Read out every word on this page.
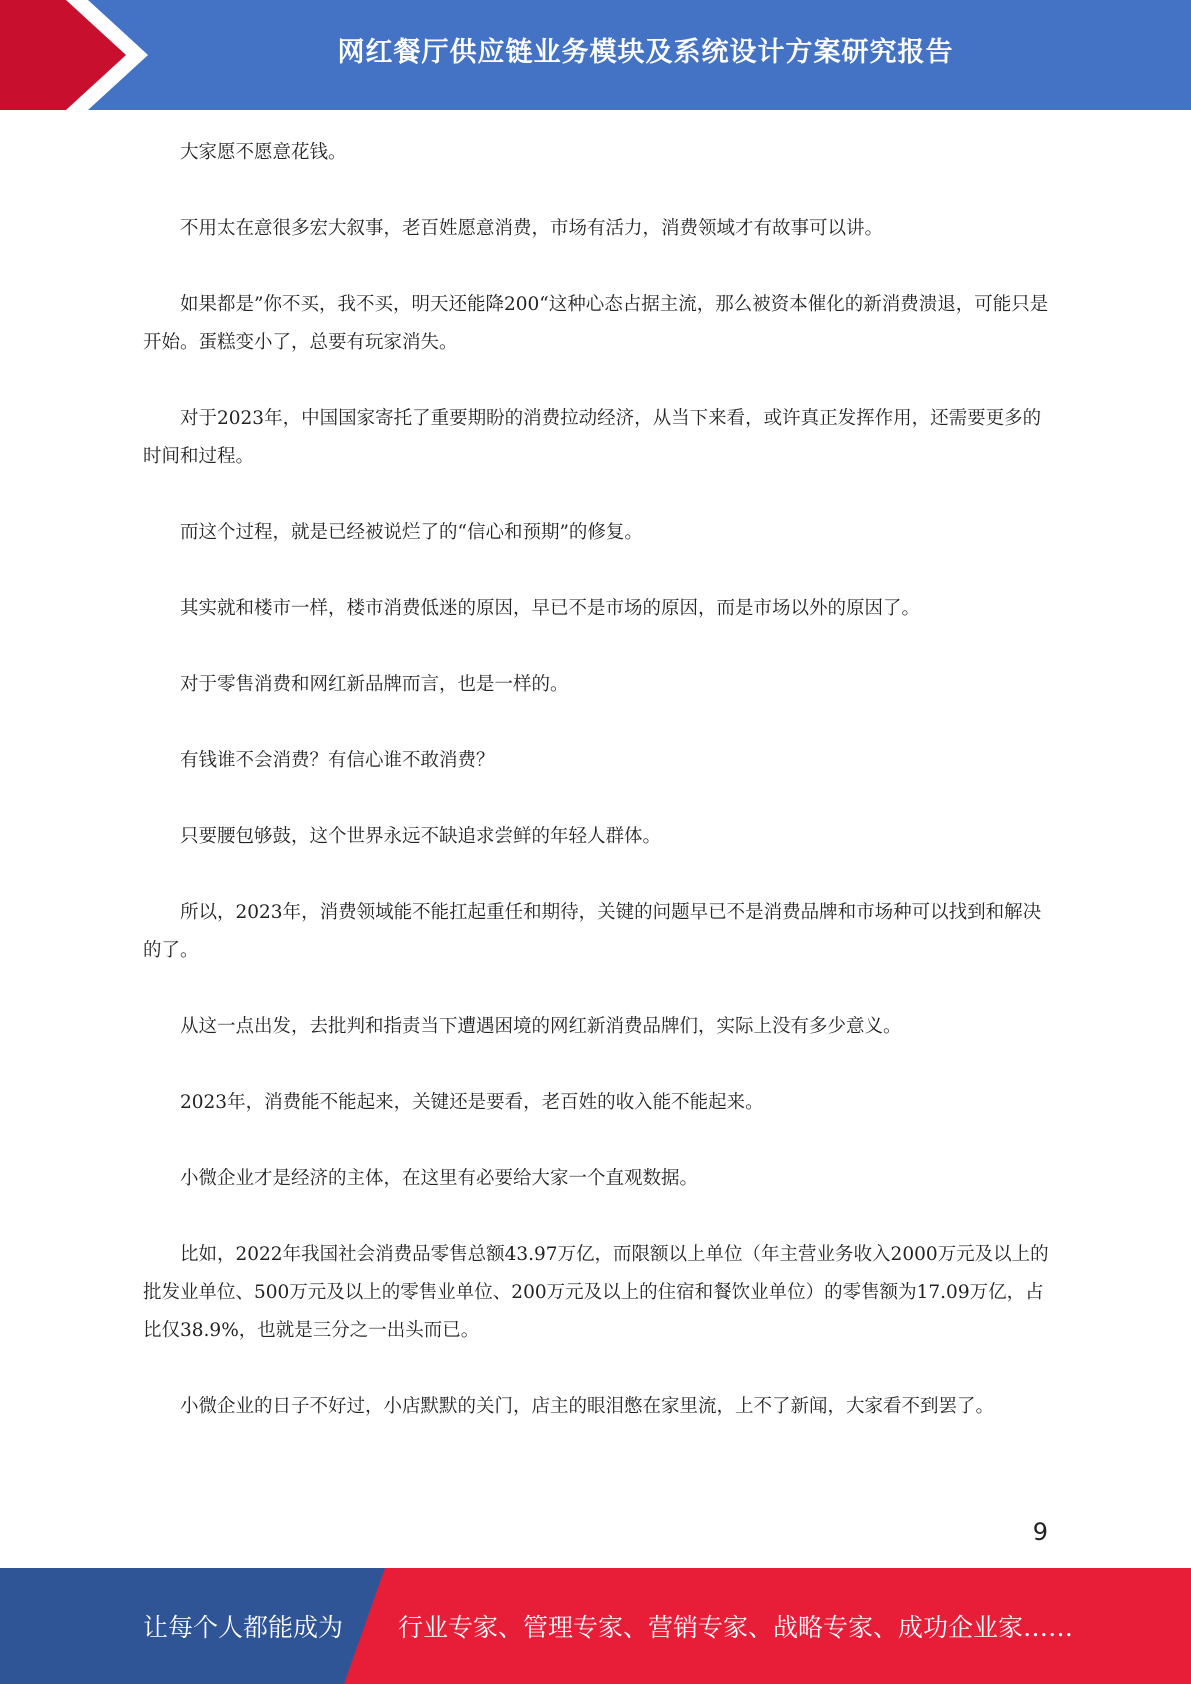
网红餐厅供应链业务模块及系统设计方案研究报告

大家愿不愿意花钱。

不用太在意很多宏大叙事，老百姓愿意消费，市场有活力，消费领域才有故事可以讲。

如果都是”你不买，我不买，明天还能降200“这种心态占据主流，那么被资本催化的新消费溃退，可能只是开始。蛋糕变小了，总要有玩家消失。

对于2023年，中国国家寄托了重要期盼的消费拉动经济，从当下来看，或许真正发挥作用，还需要更多的时间和过程。

而这个过程，就是已经被说烂了的“信心和预期”的修复。

其实就和楼市一样，楼市消费低迷的原因，早已不是市场的原因，而是市场以外的原因了。

对于零售消费和网红新品牌而言，也是一样的。

有钱谁不会消费？有信心谁不敢消费？

只要腰包够鼓，这个世界永远不缺追求尝鲜的年轻人群体。

所以，2023年，消费领域能不能扛起重任和期待，关键的问题早已不是消费品牌和市场种可以找到和解决的了。

从这一点出发，去批判和指责当下遭遇困境的网红新消费品牌们，实际上没有多少意义。

2023年，消费能不能起来，关键还是要看，老百姓的收入能不能起来。

小微企业才是经济的主体，在这里有必要给大家一个直观数据。

比如，2022年我国社会消费品零售总额43.97万亿，而限额以上单位（年主营业务收入2000万元及以上的批发业单位、500万元及以上的零售业单位、200万元及以上的住宿和餐饮业单位）的零售额为17.09万亿，占比仅38.9%，也就是三分之一出头而已。

小微企业的日子不好过，小店默默的关门，店主的眼泪憋在家里流，上不了新闻，大家看不到罢了。

9
让每个人都能成为 行业专家、管理专家、营销专家、战略专家、成功企业家……
